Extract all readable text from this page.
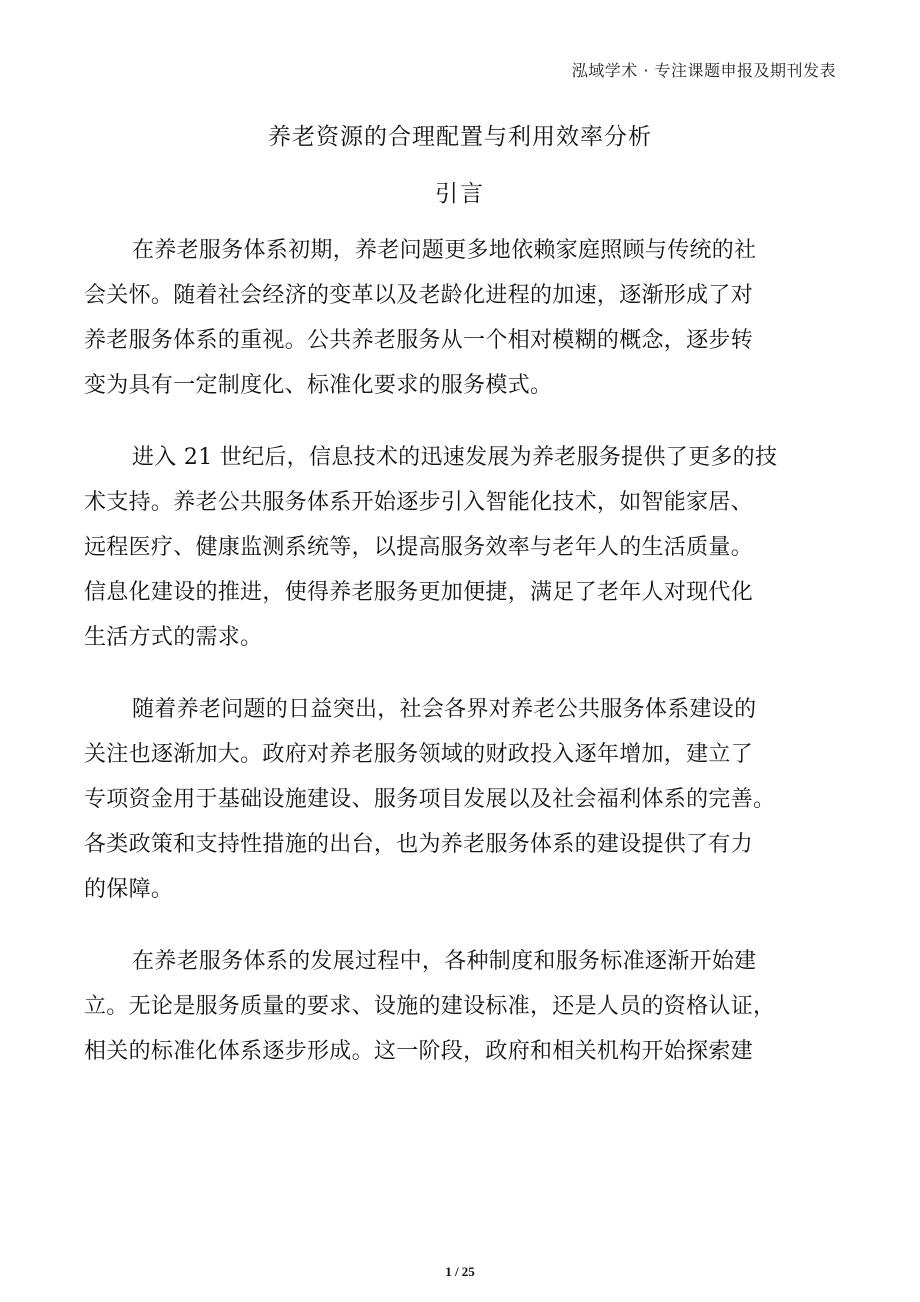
泓域学术 · 专注课题申报及期刊发表
养老资源的合理配置与利用效率分析
引言

在养老服务体系初期，养老问题更多地依赖家庭照顾与传统的社
会关怀。随着社会经济的变革以及老龄化进程的加速，逐渐形成了对
养老服务体系的重视。公共养老服务从一个相对模糊的概念，逐步转
变为具有一定制度化、标准化要求的服务模式。

进入 21 世纪后，信息技术的迅速发展为养老服务提供了更多的技
术支持。养老公共服务体系开始逐步引入智能化技术，如智能家居、
远程医疗、健康监测系统等，以提高服务效率与老年人的生活质量。
信息化建设的推进，使得养老服务更加便捷，满足了老年人对现代化
生活方式的需求。

随着养老问题的日益突出，社会各界对养老公共服务体系建设的
关注也逐渐加大。政府对养老服务领域的财政投入逐年增加，建立了
专项资金用于基础设施建设、服务项目发展以及社会福利体系的完善。
各类政策和支持性措施的出台，也为养老服务体系的建设提供了有力
的保障。

在养老服务体系的发展过程中，各种制度和服务标准逐渐开始建
立。无论是服务质量的要求、设施的建设标准，还是人员的资格认证，
相关的标准化体系逐步形成。这一阶段，政府和相关机构开始探索建

1 / 25
